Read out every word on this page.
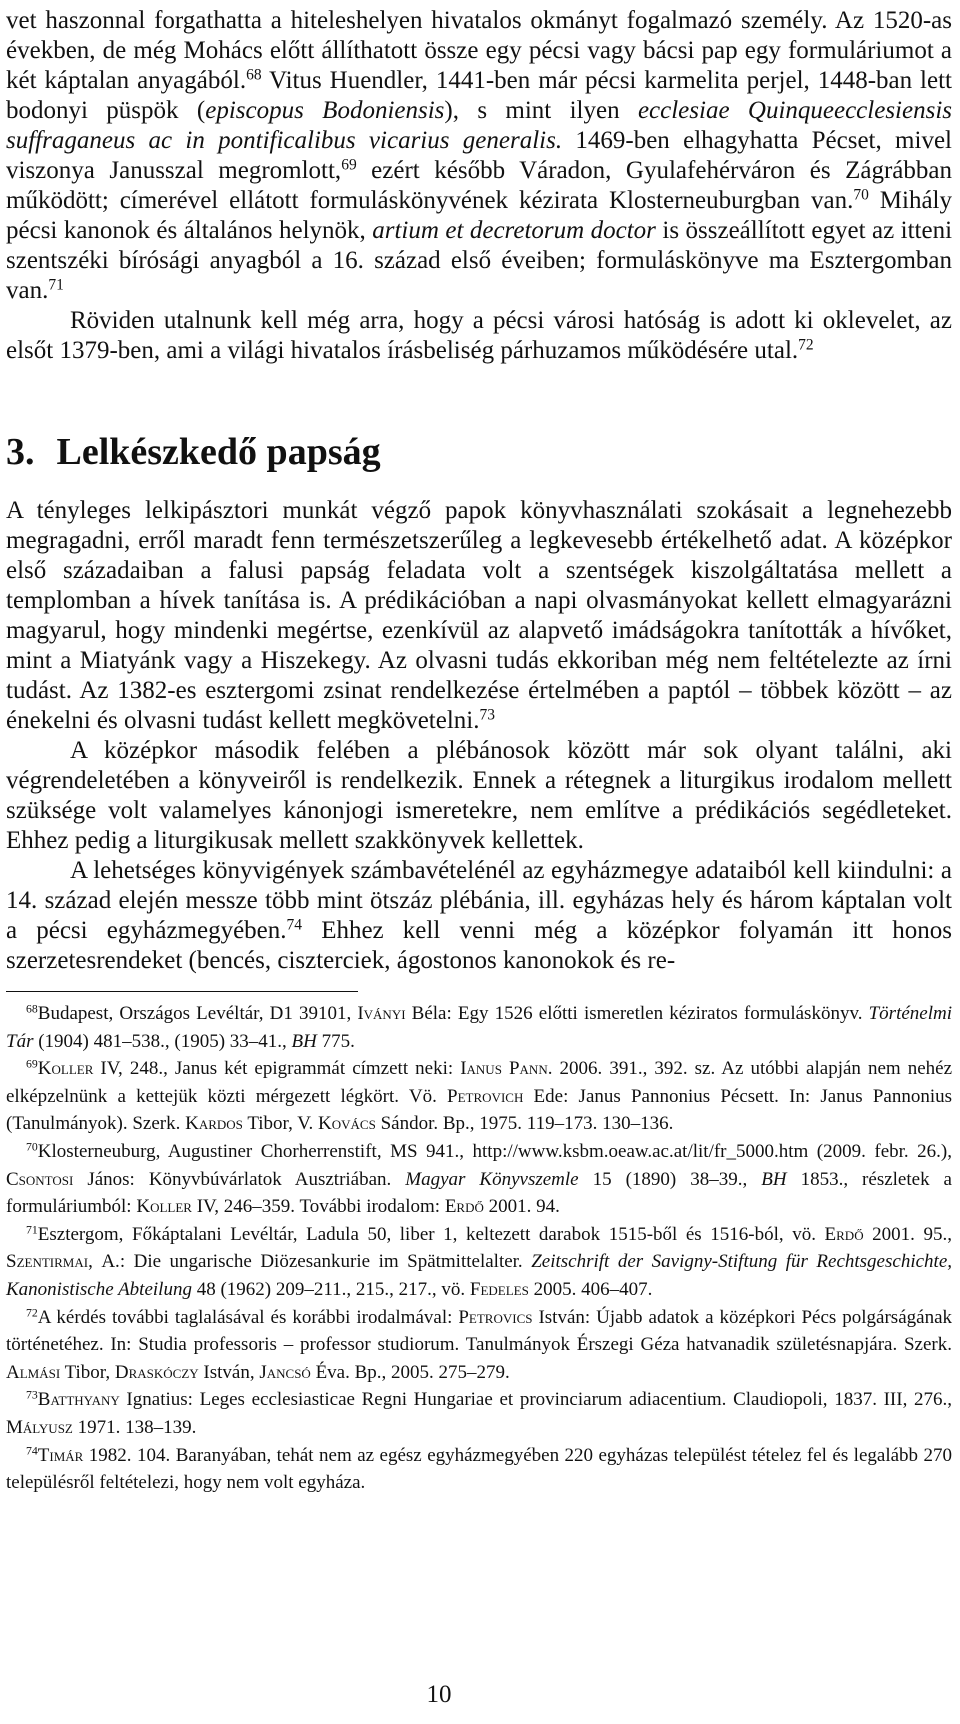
vet haszonnal forgathatta a hiteleshelyen hivatalos okmányt fogalmazó személy. Az 1520-as években, de még Mohács előtt állíthatott össze egy pécsi vagy bácsi pap egy formuláriumot a két káptalan anyagából.$^{68}$ Vitus Huendler, 1441-ben már pécsi karmelita perjel, 1448-ban lett bodonyi püspök (episcopus Bodoniensis), s mint ilyen ecclesiae Quinqueecclesiensis suffraganeus ac in pontificalibus vicarius generalis. 1469-ben elhagyhatta Pécset, mivel viszonya Janusszal megromlott,$^{69}$ ezért később Váradon, Gyulafehérváron és Zágrábban működött; címerével ellátott formuláskönyvének kézirata Klosterneuburgban van.$^{70}$ Mihály pécsi kanonok és általános helynök, artium et decretorum doctor is összeállított egyet az itteni szentszéki bírósági anyagból a 16. század első éveiben; formuláskönyve ma Esztergomban van.$^{71}$

Röviden utalnunk kell még arra, hogy a pécsi városi hatóság is adott ki oklevelet, az elsőt 1379-ben, ami a világi hivatalos írásbeliség párhuzamos működésére utal.$^{72}$

3. Lelkészkedő papság

A tényleges lelkipásztori munkát végző papok könyvhasználati szokásait a legnehezebb megragadni, erről maradt fenn természetszerűleg a legkevesebb értékelhető adat. A középkor első századaiban a falusi papság feladata volt a szentségek kiszolgáltatása mellett a templomban a hívek tanítása is. A prédikációban a napi olvasmányokat kellett elmagyarázni magyarul, hogy mindenki megértse, ezenkívül az alapvető imádságokra tanították a hívőket, mint a Miatyánk vagy a Hiszekegy. Az olvasni tudás ekkoriban még nem feltételezte az írni tudást. Az 1382-es esztergomi zsinat rendelkezése értelmében a paptól – többek között – az énekelni és olvasni tudást kellett megkövetelni.$^{73}$

A középkor második felében a plébánosok között már sok olyant találni, aki végrendeletében a könyveiről is rendelkezik. Ennek a rétegnek a liturgikus irodalom mellett szüksége volt valamelyes kánonjogi ismeretekre, nem említve a prédikációs segédleteket. Ehhez pedig a liturgikusak mellett szakkönyvek kellettek.

A lehetséges könyvigények számbavételénél az egyházmegye adataiból kell kiindulni: a 14. század elején messze több mint ötszáz plébánia, ill. egyházas hely és három káptalan volt a pécsi egyházmegyében.$^{74}$ Ehhez kell venni még a középkor folyamán itt honos szerzetesrendeket (bencés, ciszterciek, ágostonos kanonokok és re-

$^{68}$Budapest, Országos Levéltár, D1 39101, Iványi Béla: Egy 1526 előtti ismeretlen kéziratos formuláskönyv. Történelmi Tár (1904) 481–538., (1905) 33–41., BH 775.

$^{69}$Koller IV, 248., Janus két epigrammát címzett neki: Ianus Pann. 2006. 391., 392. sz. Az utóbbi alapján nem nehéz elképzelnünk a kettejük közti mérgezett légkört. Vö. Petrovich Ede: Janus Pannonius Pécsett. In: Janus Pannonius (Tanulmányok). Szerk. Kardos Tibor, V. Kovács Sándor. Bp., 1975. 119–173. 130–136.

$^{70}$Klosterneuburg, Augustiner Chorherrenstift, MS 941., http://www.ksbm.oeaw.ac.at/lit/fr_5000.htm (2009. febr. 26.), Csontosi János: Könyvbúvárlatok Ausztriában. Magyar Könyvszemle 15 (1890) 38–39., BH 1853., részletek a formuláriumból: Koller IV, 246–359. További irodalom: Erdő 2001. 94.

$^{71}$Esztergom, Főkáptalani Levéltár, Ladula 50, liber 1, keltezett darabok 1515-ből és 1516-ból, vö. Erdő 2001. 95., Szentirmai, A.: Die ungarische Diözesankurie im Spätmittelalter. Zeitschrift der Savigny-Stiftung für Rechtsgeschichte, Kanonistische Abteilung 48 (1962) 209–211., 215., 217., vö. Fedeles 2005. 406–407.

$^{72}$A kérdés további taglalásával és korábbi irodalmával: Petrovics István: Újabb adatok a középkori Pécs polgárságának történetéhez. In: Studia professoris – professor studiorum. Tanulmányok Érszegi Géza hatvanadik születésnapjára. Szerk. Almási Tibor, Draskóczy István, Jancsó Éva. Bp., 2005. 275–279.

$^{73}$Batthyany Ignatius: Leges ecclesiasticae Regni Hungariae et provinciarum adiacentium. Claudiopoli, 1837. III, 276., Mályusz 1971. 138–139.

$^{74}$Timár 1982. 104. Baranyában, tehát nem az egész egyházmegyében 220 egyházas települést tételez fel és legalább 270 településről feltételezi, hogy nem volt egyháza.

10
